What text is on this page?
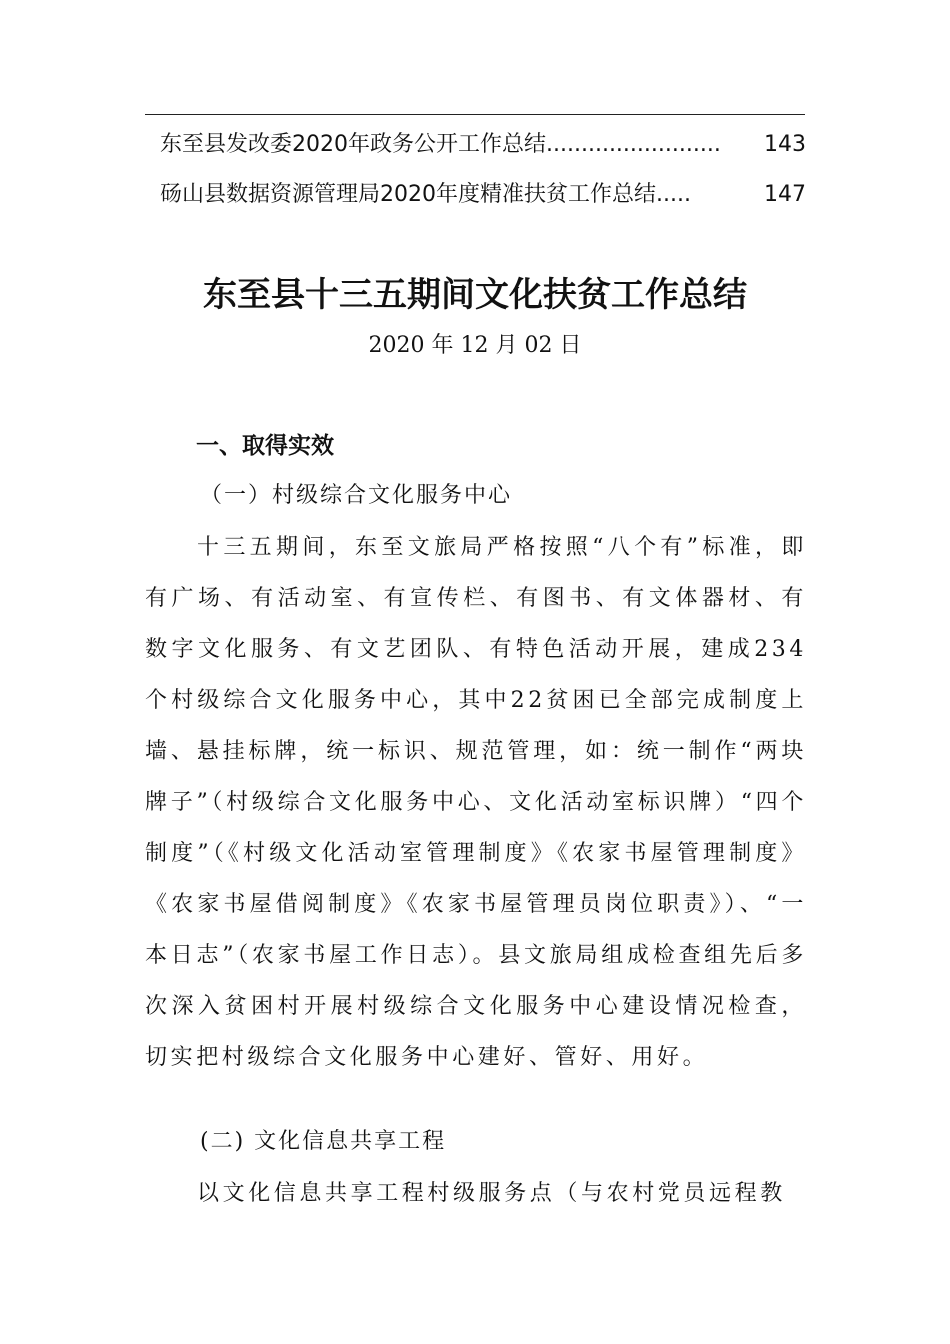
东至县发改委2020年政务公开工作总结......................... 143
砀山县数据资源管理局2020年度精准扶贫工作总结.....	147
东至县十三五期间文化扶贫工作总结
2020 年 12 月 02 日
一、取得实效
（一）村级综合文化服务中心

十三五期间，东至文旅局严格按照“八个有”标准，即有广场、有活动室、有宣传栏、有图书、有文体器材、有数字文化服务、有文艺团队、有特色活动开展，建成234个村级综合文化服务中心，其中22贫困已全部完成制度上墙、悬挂标牌，统一标识、规范管理，如：统一制作“两块牌子”（村级综合文化服务中心、文化活动室标识牌）“四个制度”（《村级文化活动室管理制度》《农家书屋管理制度》《农家书屋借阅制度》《农家书屋管理员岗位职责》）、“一本日志”（农家书屋工作日志）。县文旅局组成检查组先后多次深入贫困村开展村级综合文化服务中心建设情况检查，切实把村级综合文化服务中心建好、管好、用好。

(二) 文化信息共享工程

以文化信息共享工程村级服务点（与农村党员远程教
